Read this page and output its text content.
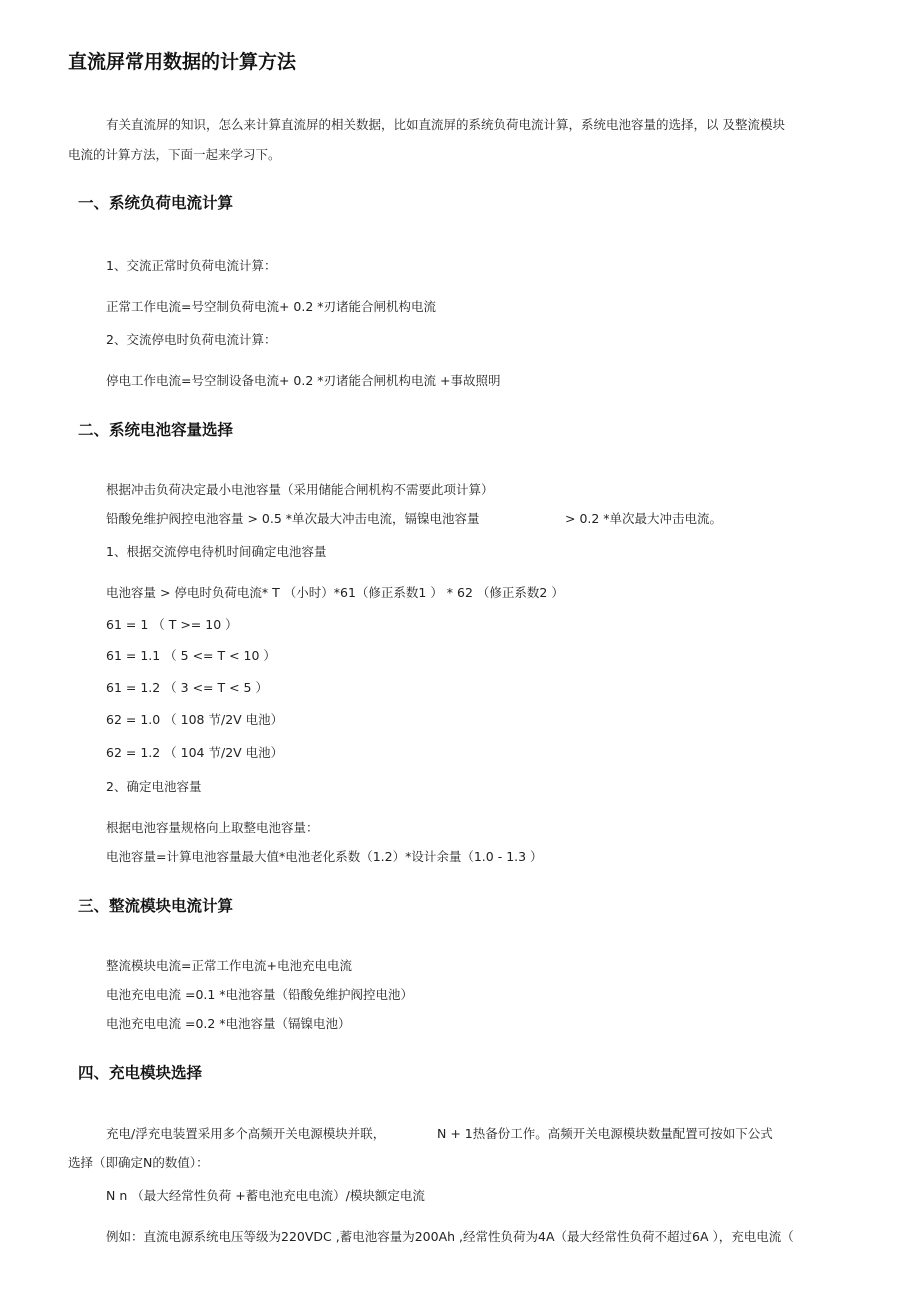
直流屏常用数据的计算方法
有关直流屏的知识，怎么来计算直流屏的相关数据，比如直流屏的系统负荷电流计算，系统电池容量的选择，以 及整流模块
电流的计算方法，下面一起来学习下。
一、系统负荷电流计算
1、交流正常时负荷电流计算：
正常工作电流=号空制负荷电流+ 0.2 *刃诸能合闸机构电流
2、交流停电时负荷电流计算：
停电工作电流=号空制设备电流+ 0.2 *刃诸能合闸机构电流 +事故照明
二、系统电池容量选择
根据冲击负荷决定最小电池容量（采用储能合闸机构不需要此项计算）
铅酸免维护阀控电池容量 > 0.5 *单次最大冲击电流，镉镍电池容量	> 0.2 *单次最大冲击电流。
1、根据交流停电待机时间确定电池容量
电池容量 > 停电时负荷电流* T （小时）*61（修正系数1 ） * 62 （修正系数2 ）
61 = 1 （ T >= 10 ）
61 = 1.1 （ 5 <= T < 10 ）
61 = 1.2 （ 3 <= T < 5 ）
62 = 1.0 （ 108 节/2V 电池）
62 = 1.2 （ 104 节/2V 电池）
2、确定电池容量
根据电池容量规格向上取整电池容量：
电池容量=计算电池容量最大值*电池老化系数（1.2）*设计余量（1.0 - 1.3 ）
三、整流模块电流计算
整流模块电流=正常工作电流+电池充电电流
电池充电电流 =0.1 *电池容量（铅酸免维护阀控电池）
电池充电电流 =0.2 *电池容量（镉镍电池）
四、充电模块选择
充电/浮充电装置采用多个高频开关电源模块并联，	N + 1热备份工作。高频开关电源模块数量配置可按如下公式
选择（即确定N的数值）：
N n （最大经常性负荷 +蓄电池充电电流）/模块额定电流
例如：直流电源系统电压等级为220VDC ,蓄电池容量为200Ah ,经常性负荷为4A（最大经常性负荷不超过6A ），充电电流（
